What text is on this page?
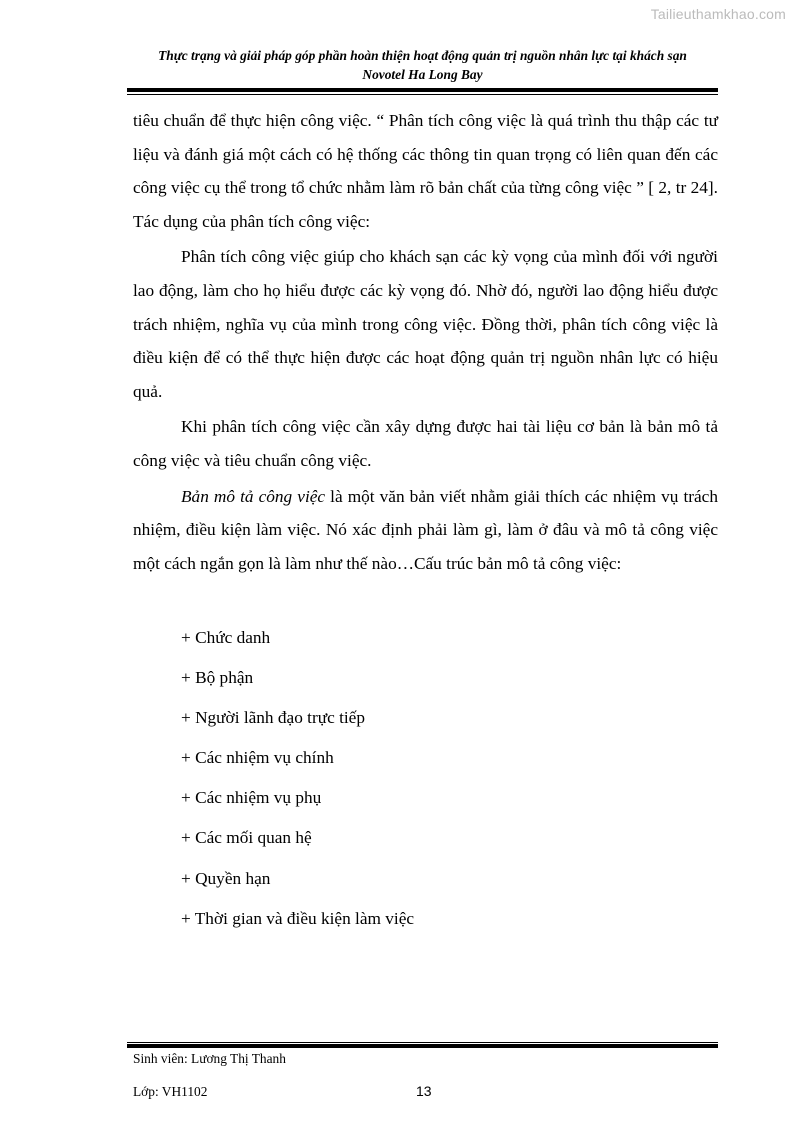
Tailieuthamkhao.com
Thực trạng và giải pháp góp phần hoàn thiện hoạt động quản trị nguồn nhân lực tại khách sạn
Novotel Ha Long Bay

tiêu chuẩn để thực hiện công việc. “ Phân tích công việc là quá trình thu thập các tư liệu và đánh giá một cách có hệ thống các thông tin quan trọng có liên quan đến các công việc cụ thể trong tổ chức nhằm làm rõ bản chất của từng công việc ” [ 2, tr 24]. Tác dụng của phân tích công việc:

Phân tích công việc giúp cho khách sạn các kỳ vọng của mình đối với người lao động, làm cho họ hiểu được các kỳ vọng đó. Nhờ đó, người lao động hiểu được trách nhiệm, nghĩa vụ của mình trong công việc. Đồng thời, phân tích công việc là điều kiện để có thể thực hiện được các hoạt động quản trị nguồn nhân lực có hiệu quả.

Khi phân tích công việc cần xây dựng được hai tài liệu cơ bản là bản mô tả công việc và tiêu chuẩn công việc.

Bản mô tả công việc là một văn bản viết nhằm giải thích các nhiệm vụ trách nhiệm, điều kiện làm việc. Nó xác định phải làm gì, làm ở đâu và mô tả công việc một cách ngắn gọn là làm như thế nào…Cấu trúc bản mô tả công việc:

+ Chức danh
+ Bộ phận
+ Người lãnh đạo trực tiếp
+ Các nhiệm vụ chính
+ Các nhiệm vụ phụ
+ Các mối quan hệ
+ Quyền hạn
+ Thời gian và điều kiện làm việc
Sinh viên: Lương Thị Thanh
Lớp: VH1102	13
